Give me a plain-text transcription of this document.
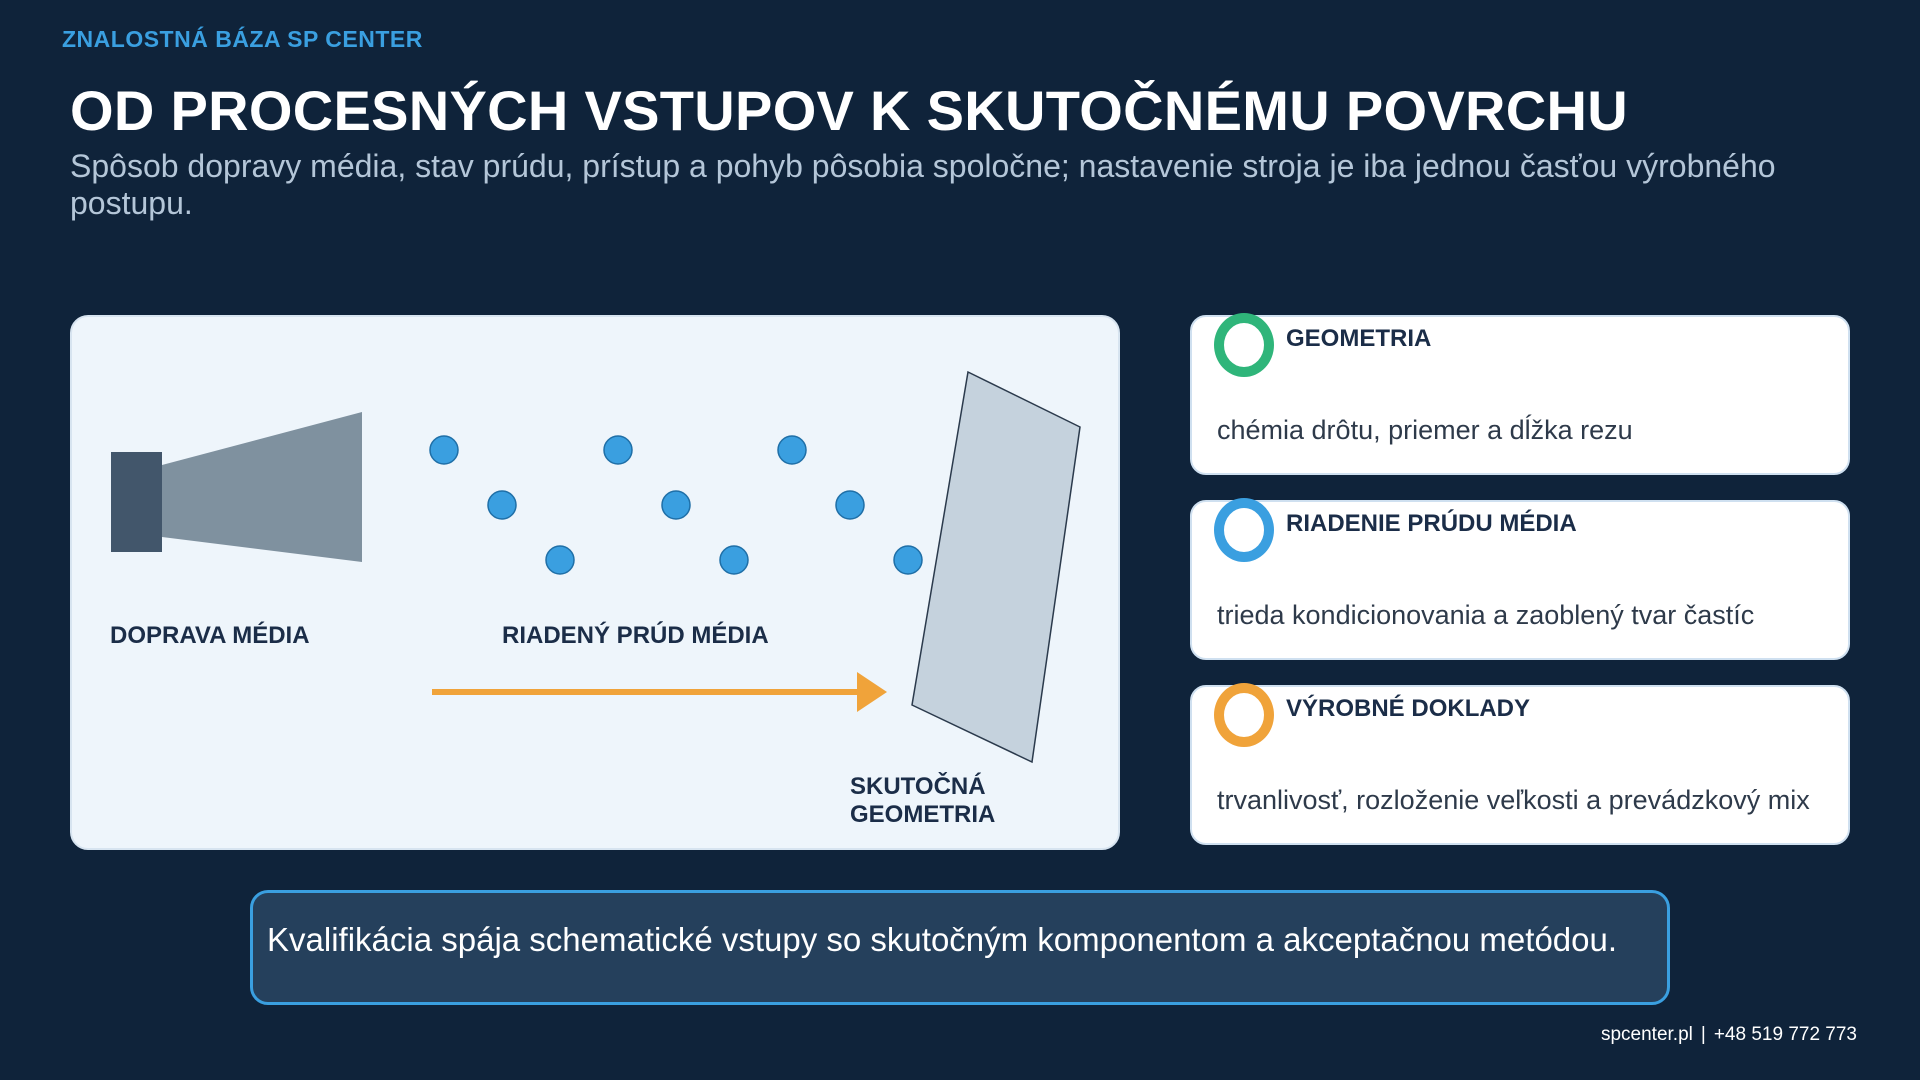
ZNALOSTNÁ BÁZA SP CENTER
OD PROCESNÝCH VSTUPOV K SKUTOČNÉMU POVRCHU

Spôsob dopravy média, stav prúdu, prístup a pohyb pôsobia spoločne; nastavenie stroja je iba jednou časťou výrobného postupu.

DOPRAVA MÉDIA	RIADENÝ PRÚD MÉDIA
SKUTOČNÁ GEOMETRIA
GEOMETRIA
chémia drôtu, priemer a dĺžka rezu
RIADENIE PRÚDU MÉDIA
trieda kondicionovania a zaoblený tvar častíc
VÝROBNÉ DOKLADY
trvanlivosť, rozloženie veľkosti a prevádzkový mix
Kvalifikácia spája schematické vstupy so skutočným komponentom a akceptačnou metódou.
spcenter.pl | +48 519 772 773
